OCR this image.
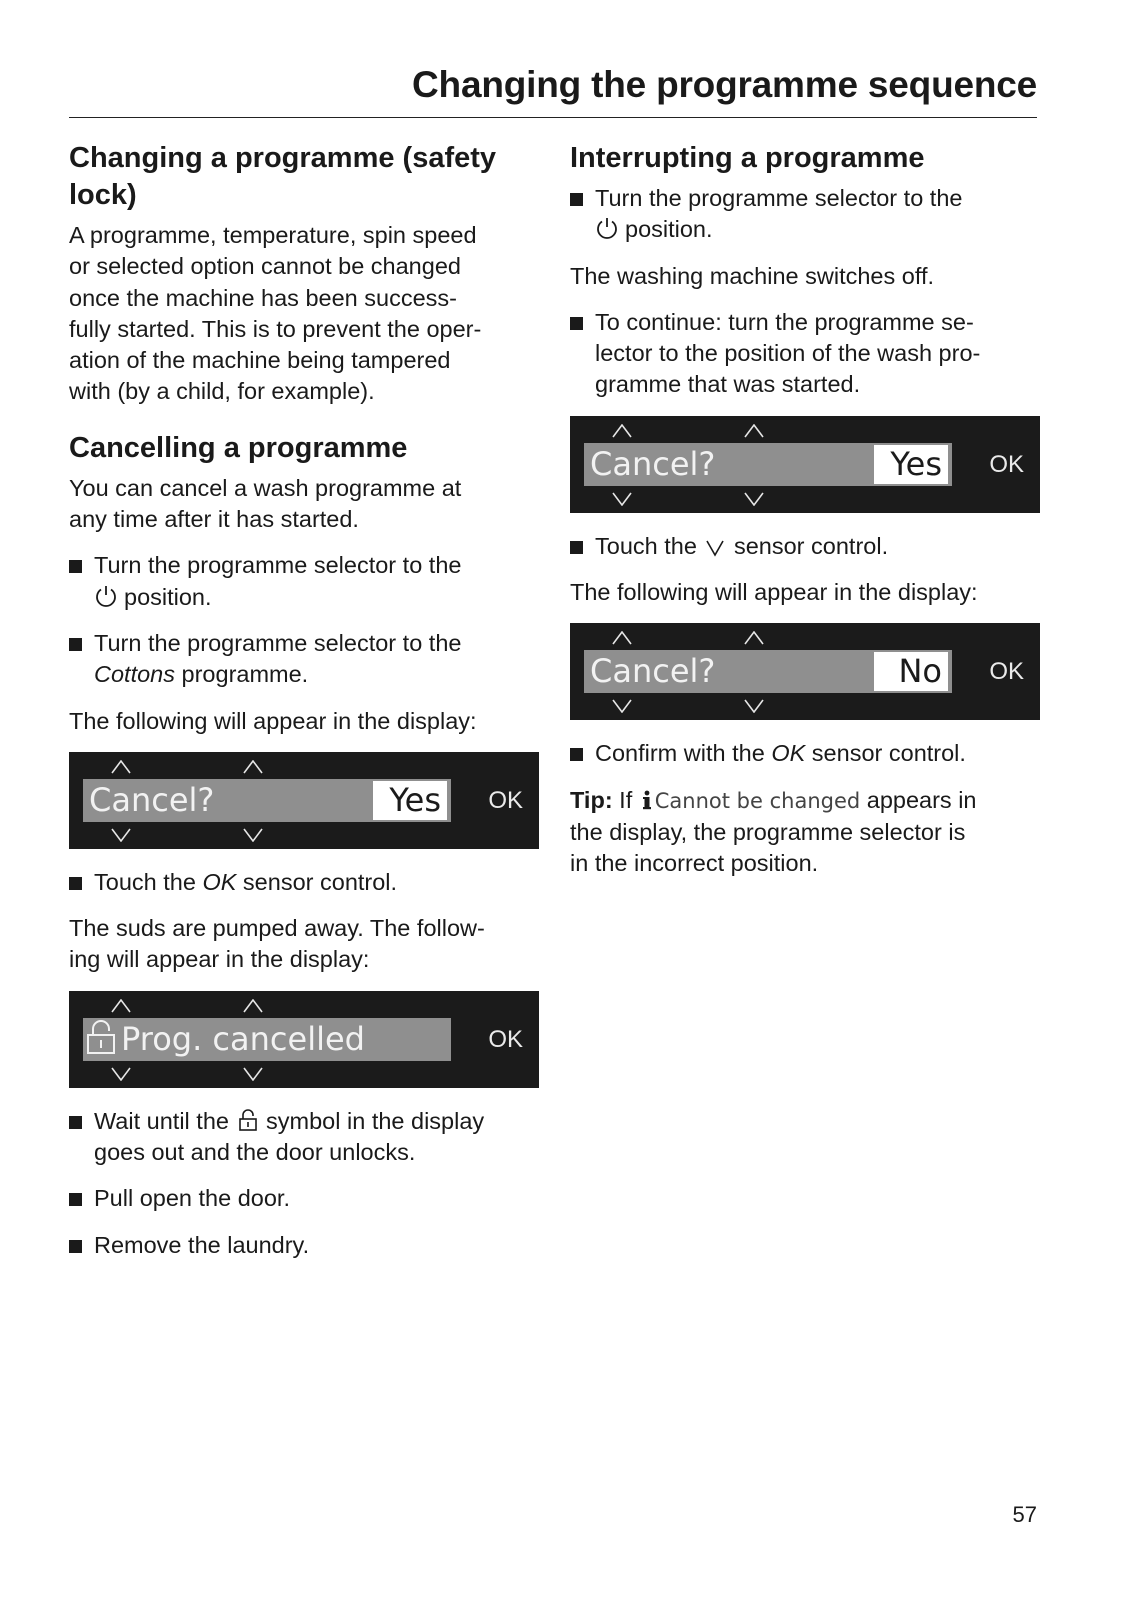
Changing the programme sequence
Changing a programme (safety
lock)

A programme, temperature, spin speed
or selected option cannot be changed
once the machine has been success-
fully started. This is to prevent the oper-
ation of the machine being tampered
with (by a child, for example).

Cancelling a programme

You can cancel a wash programme at
any time after it has started.

Turn the programme selector to the
position.
Turn the programme selector to the
Cottons programme.

The following will appear in the display:

Cancel?	Yes OK
Touch the OK sensor control.

The suds are pumped away. The follow-
ing will appear in the display:

Prog. cancelled	OK
Wait until the  symbol in the display
goes out and the door unlocks.
Pull open the door.
Remove the laundry.
Interrupting a programme
Turn the programme selector to the
position.

The washing machine switches off.

To continue: turn the programme se-
lector to the position of the wash pro-
gramme that was started.
Cancel?	Yes OK
Touch the  sensor control.

The following will appear in the display:

Cancel?	No OK
Confirm with the OK sensor control.

Tip: If Cannot be changed appears in
the display, the programme selector is
in the incorrect position.

57
